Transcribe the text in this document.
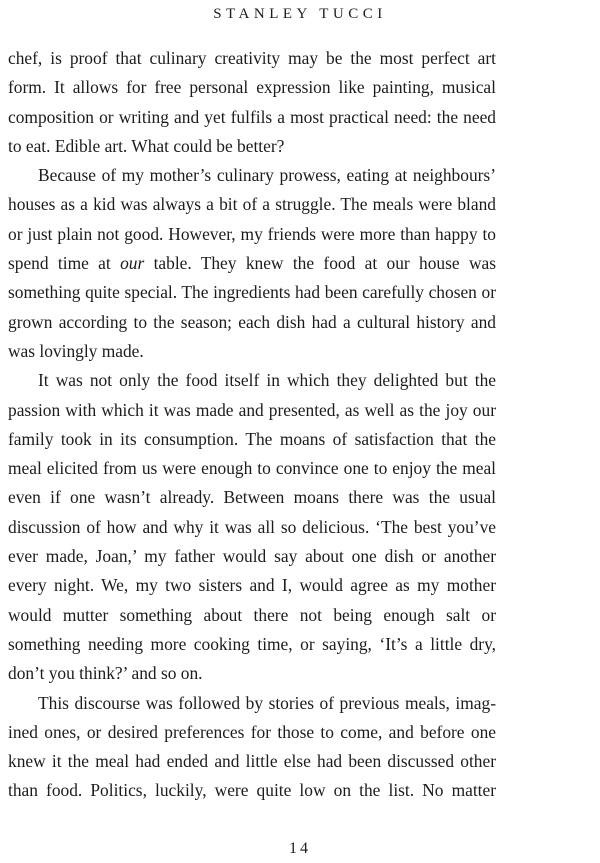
STANLEY TUCCI

chef, is proof that culinary creativity may be the most perfect art form. It allows for free personal expression like painting, musical composition or writing and yet fulfils a most practical need: the need to eat. Edible art. What could be better?

Because of my mother’s culinary prowess, eating at neighbours’ houses as a kid was always a bit of a struggle. The meals were bland or just plain not good. However, my friends were more than happy to spend time at our table. They knew the food at our house was something quite special. The ingredients had been carefully chosen or grown according to the season; each dish had a cultural history and was lovingly made.

It was not only the food itself in which they delighted but the passion with which it was made and presented, as well as the joy our family took in its consumption. The moans of satisfaction that the meal elicited from us were enough to convince one to enjoy the meal even if one wasn’t already. Between moans there was the usual discussion of how and why it was all so delicious. ‘The best you’ve ever made, Joan,’ my father would say about one dish or another every night. We, my two sisters and I, would agree as my mother would mutter something about there not being enough salt or something needing more cooking time, or saying, ‘It’s a little dry, don’t you think?’ and so on.

This discourse was followed by stories of previous meals, imagined ones, or desired preferences for those to come, and before one knew it the meal had ended and little else had been discussed other than food. Politics, luckily, were quite low on the list. No matter

14
